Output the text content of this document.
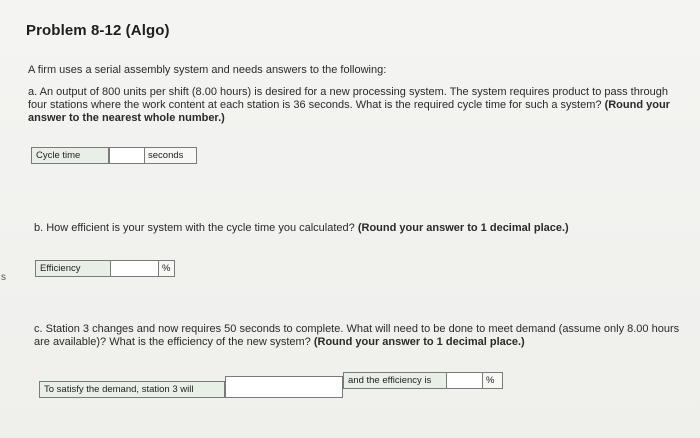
s
Problem 8-12 (Algo)
A firm uses a serial assembly system and needs answers to the following:
a. An output of 800 units per shift (8.00 hours) is desired for a new processing system. The system requires product to pass through four stations where the work content at each station is 36 seconds. What is the required cycle time for such a system? (Round your answer to the nearest whole number.)
Cycle time	seconds
b. How efficient is your system with the cycle time you calculated? (Round your answer to 1 decimal place.)
Efficiency	%
c. Station 3 changes and now requires 50 seconds to complete. What will need to be done to meet demand (assume only 8.00 hours are available)? What is the efficiency of the new system? (Round your answer to 1 decimal place.)
To satisfy the demand, station 3 will
and the efficiency is	%
